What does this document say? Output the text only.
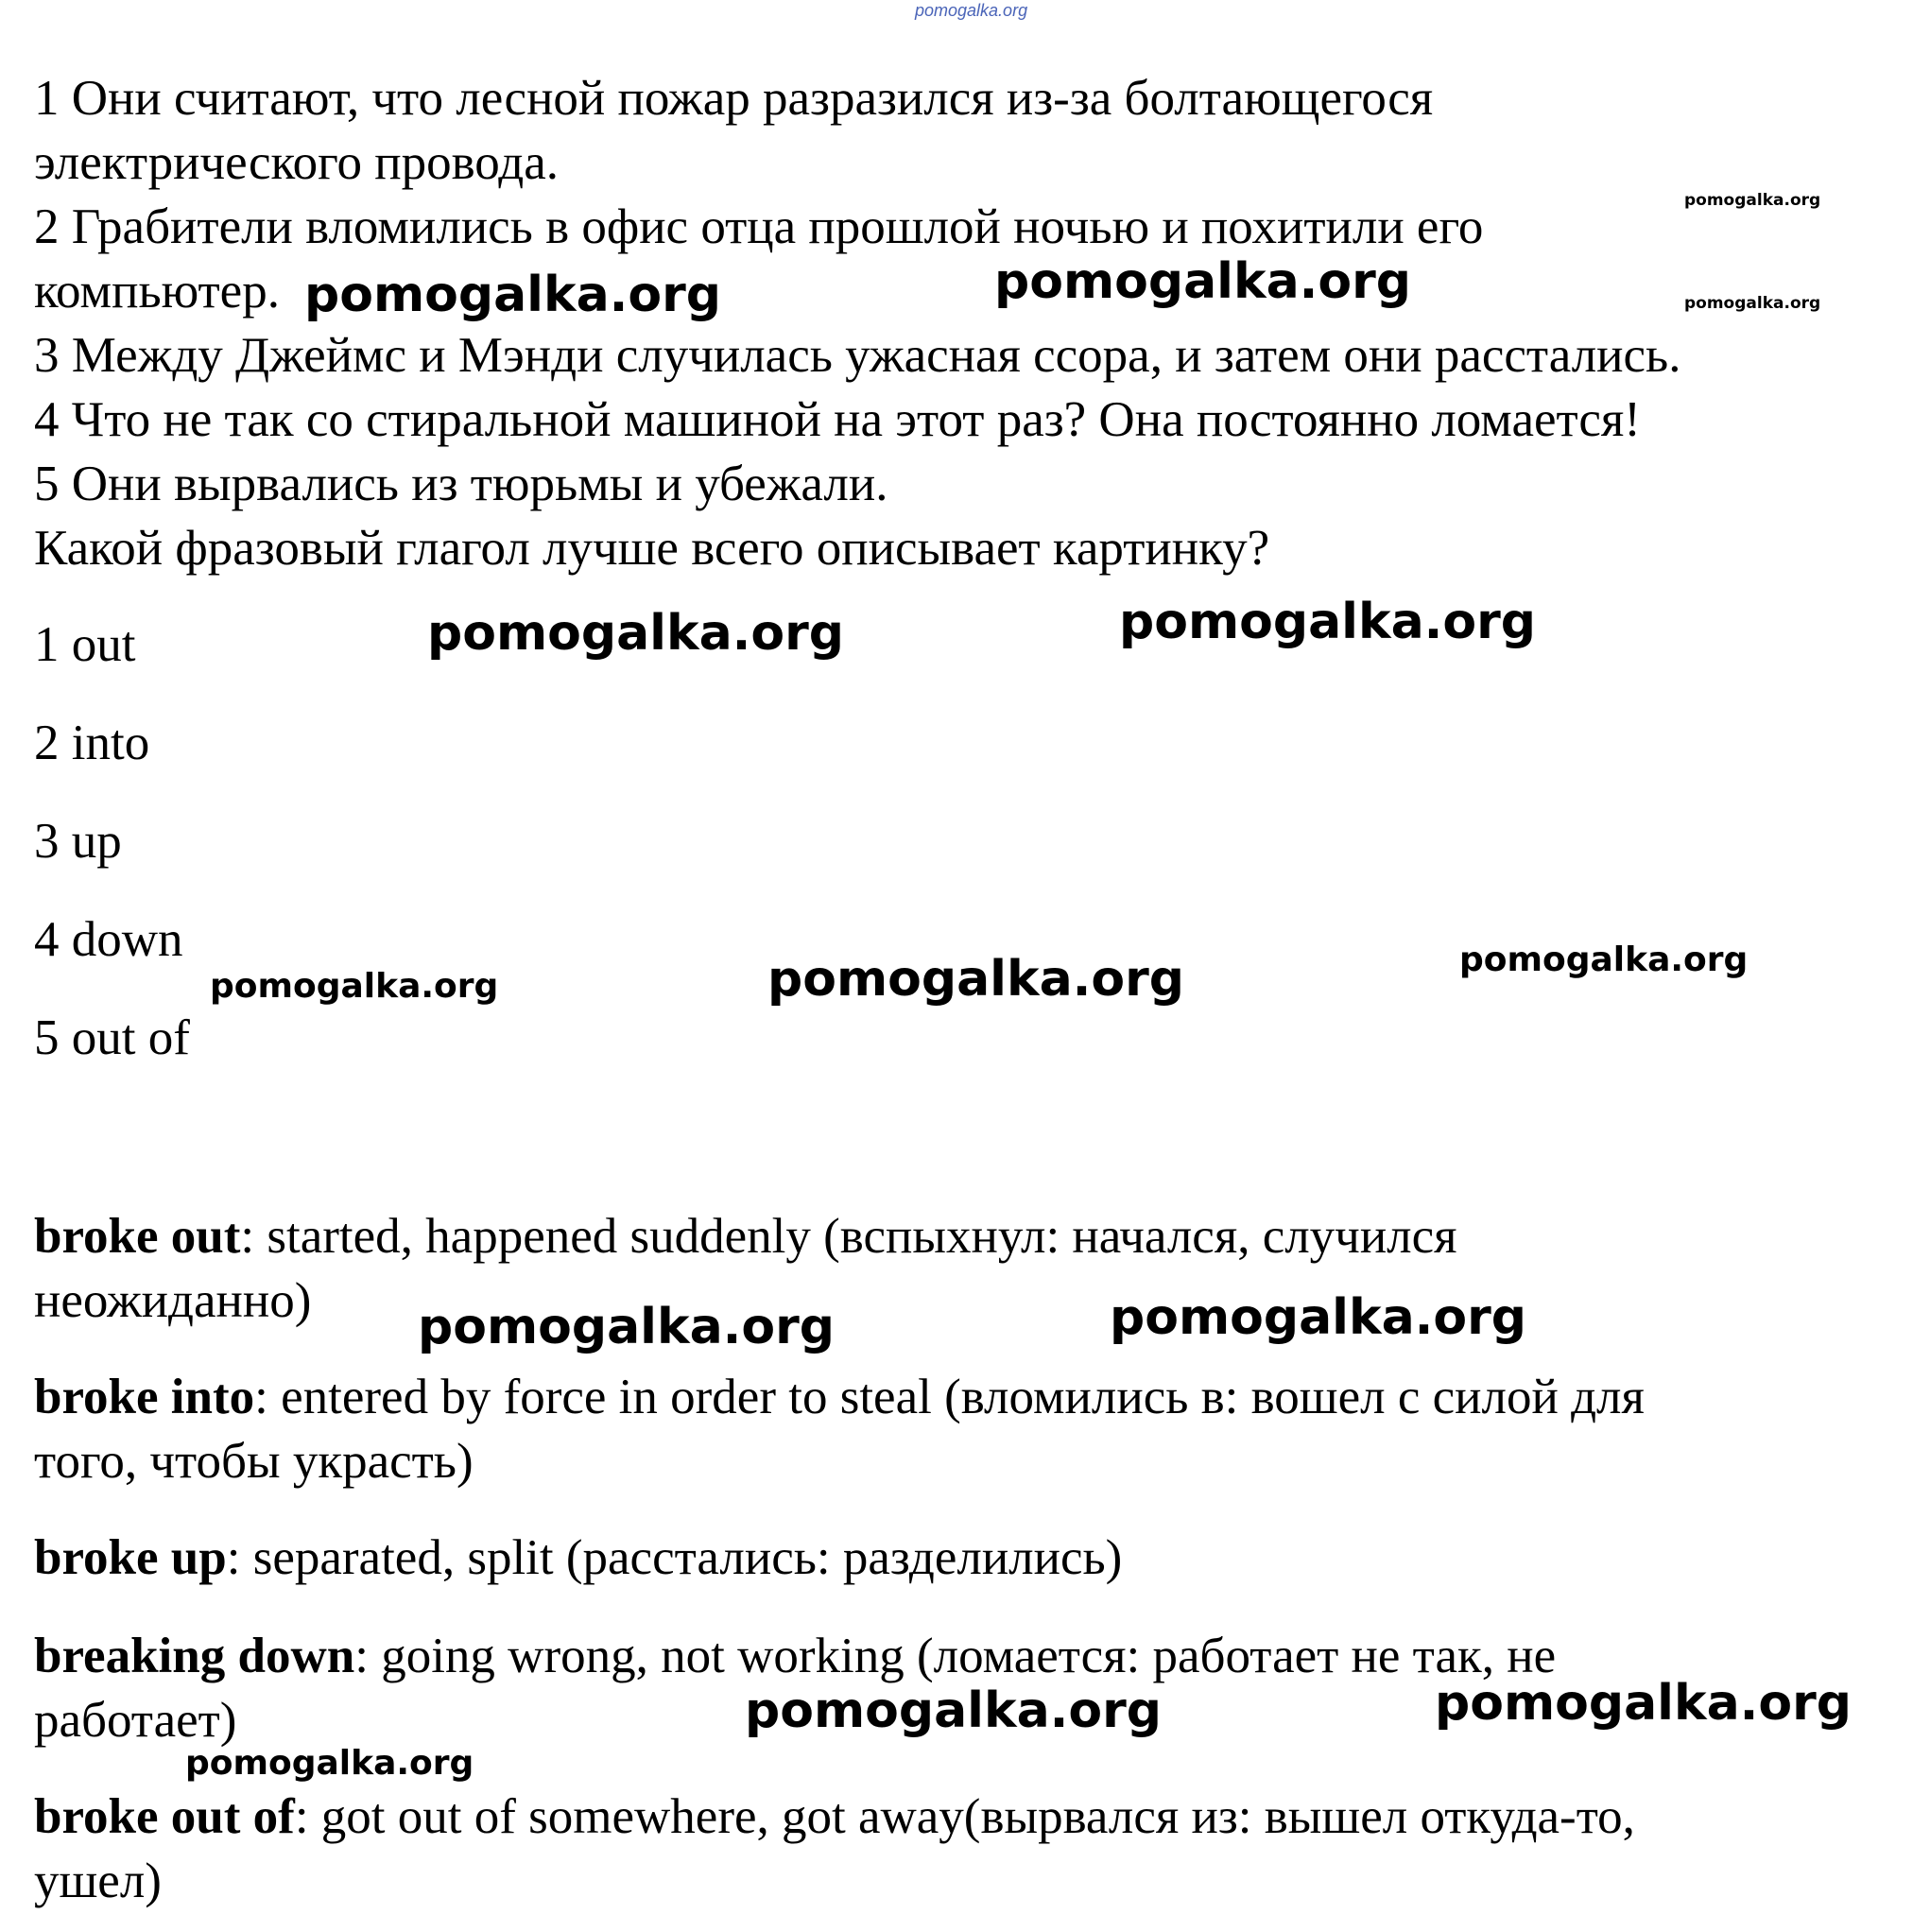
pomogalka.org
1 Они считают, что лесной пожар разразился из-за болтающегося
электрического провода.
2 Грабители вломились в офис отца прошлой ночью и похитили его
компьютер.
3 Между Джеймс и Мэнди случилась ужасная ссора, и затем они расстались.
4 Что не так со стиральной машиной на этот раз? Она постоянно ломается!
5 Они вырвались из тюрьмы и убежали.
Какой фразовый глагол лучше всего описывает картинку?
1 out
2 into
3 up
4 down
5 out of
broke out: started, happened suddenly (вспыхнул: начался, случился
неожиданно)
broke into: entered by force in order to steal (вломились в: вошел с силой для
того, чтобы украсть)
broke up: separated, split (расстались: разделились)
breaking down: going wrong, not working (ломается: работает не так, не
работает)
broke out of: got out of somewhere, got away(вырвался из: вышел откуда-то,
ушел)
pomogalka.org
pomogalka.org
pomogalka.org	pomogalka.org
pomogalka.org	pomogalka.org
pomogalka.org	pomogalka.org	pomogalka.org
pomogalka.org	pomogalka.org
pomogalka.org	pomogalka.org
pomogalka.org
